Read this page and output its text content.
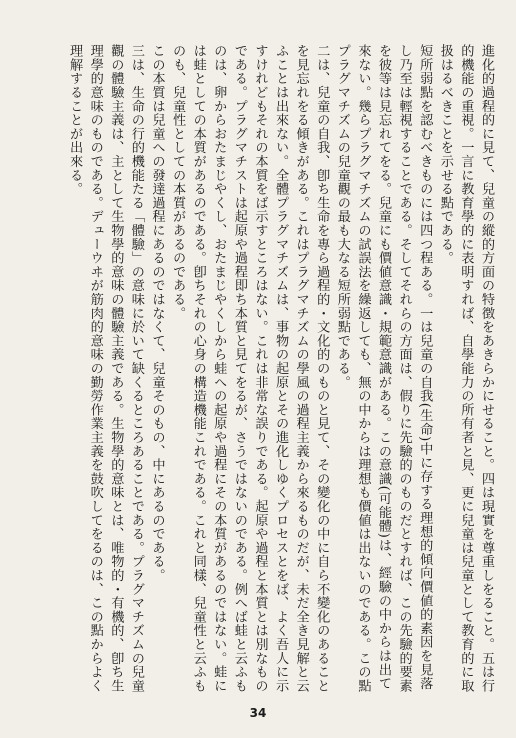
進化的過程的に見て、兒童の縱的方面の特徴をあきらかにせること。四は現實を尊重しをること。五は行的機能の重視。一言に教育學的に表明すれば、自學能力の所有者と見、更に兒童は兒童として教育的に取扱はるべきことを示せる點である。

短所弱點を認むべきものには四つ程ある。一は兒童の自我(生命)中に存する理想的傾向價値的素因を見落し乃至は輕視することである。そしてそれらの方面は、假りに先驗的のものだとすれば、この先驗的要素を彼等は見忘れてをる。兒童にも價値意識・規範意識がある。この意識(可能體)は、經驗の中からは出て來ない。幾らプラグマチズムの試誤法を繰返しても、無の中からは理想も價値は出ないのである。この點プラグマチズムの兒童觀の最も大なる短所弱點である。

二は、兒童の自我、卽ち生命を專ら過程的・文化的のものと見て、その變化の中に自ら不變化のあることを見忘れをる傾きがある。これはプラグマチズムの學風の過程主義から來るものだが、未だ全き見解と云ふことは出來ない。全體プラグマチズムは、事物の起原とその進化しゆくプロセスとをば、よく吾人に示すけれどもそれの本質をば示すところはない。これは非常な誤りである。起原や過程と本質とは別なものである。プラグマチストは起原や過程即ち本質と見てをるが、さうではないのである。例へば蛙と云ふものは、卵からおたまじやくし、おたまじやくしから蛙への起原や過程にその本質があるのではない。蛙には蛙としての本質があるのである。卽ちそれの心身の構造機能これである。これと同樣、兒童性と云ふものも、兒童性としての本質があるのである。

この本質は兒童への發達過程にあるのではなくて、兒童そのもの、中にあるのである。

三は、生命の行的機能たる「體驗」の意味に於いて缺くるところあることである。プラグマチズムの兒童觀の體驗主義は、主として生物學的意味の體驗主義である。生物學的意味とは、唯物的・有機的、卽ち生理學的意味のものである。デューウヰが筋肉的意味の勤勞作業主義を鼓吹してをるのは、この點からよく理解することが出來る。

34
